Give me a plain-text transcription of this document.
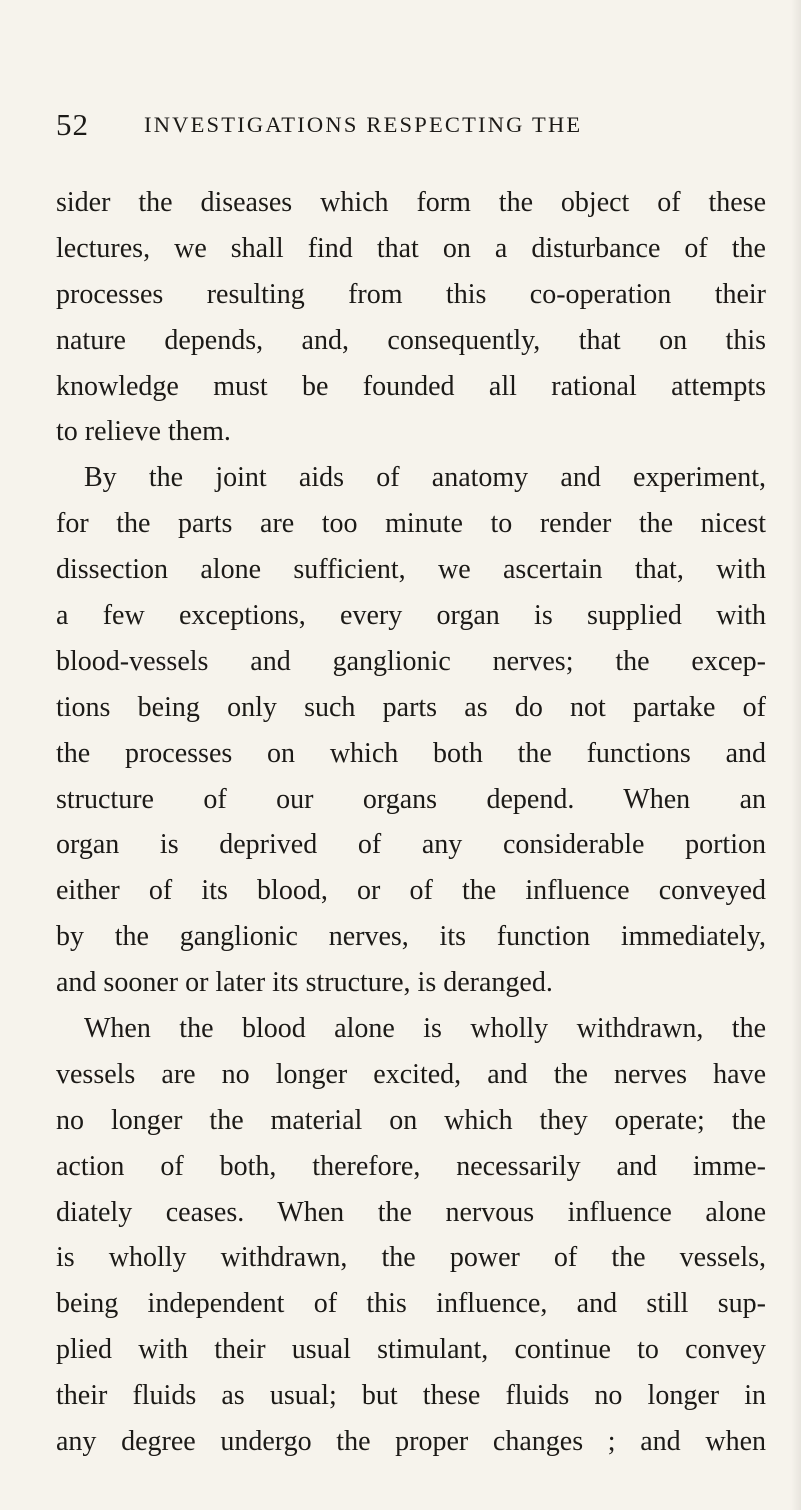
52 INVESTIGATIONS RESPECTING THE
sider the diseases which form the object of these
lectures, we shall find that on a disturbance of the
processes resulting from this co-operation their
nature depends, and, consequently, that on this
knowledge must be founded all rational attempts
to relieve them.
By the joint aids of anatomy and experiment,
for the parts are too minute to render the nicest
dissection alone sufficient, we ascertain that, with
a few exceptions, every organ is supplied with
blood-vessels and ganglionic nerves; the excep-
tions being only such parts as do not partake of
the processes on which both the functions and
structure of our organs depend. When an
organ is deprived of any considerable portion
either of its blood, or of the influence conveyed
by the ganglionic nerves, its function immediately,
and sooner or later its structure, is deranged.
When the blood alone is wholly withdrawn, the
vessels are no longer excited, and the nerves have
no longer the material on which they operate; the
action of both, therefore, necessarily and imme-
diately ceases. When the nervous influence alone
is wholly withdrawn, the power of the vessels,
being independent of this influence, and still sup-
plied with their usual stimulant, continue to convey
their fluids as usual; but these fluids no longer in
any degree undergo the proper changes ; and when
